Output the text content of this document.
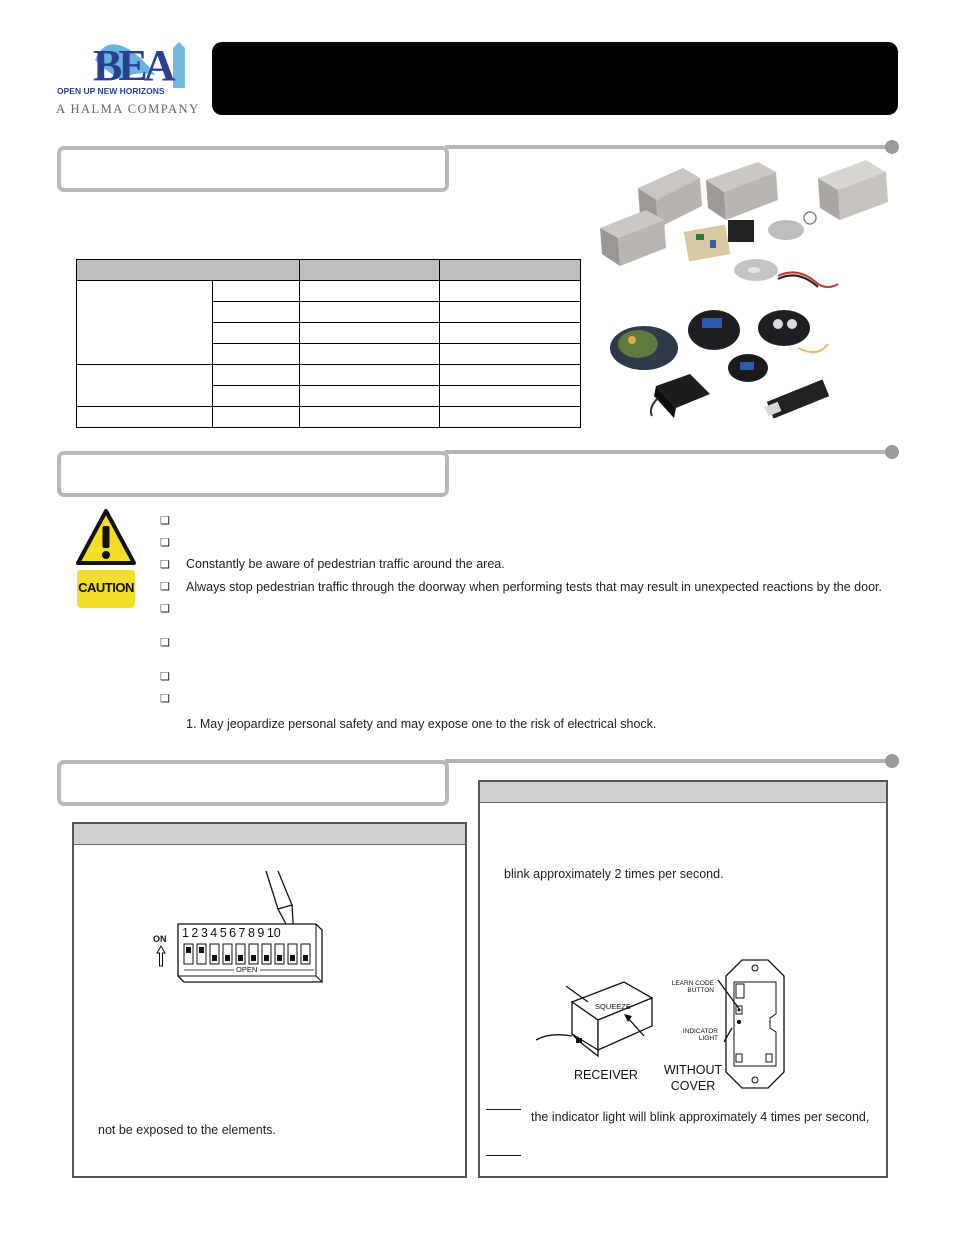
BEA
OPEN UP NEW HORIZONS
A HALMA COMPANY

CAUTION
❏
❏
❏
❏
❏
❏
❏
❏
Constantly be aware of pedestrian traffic around the area.
Always stop pedestrian traffic through the doorway when performing tests that may result in unexpected reactions by the door.
1. May jeopardize personal safety and may expose one to the risk of electrical shock.
1 2 3 4 5 6 7 8 9 10
OPEN
ON
not be exposed to the elements.
blink approximately 2 times per second.
SQUEEZE
RECEIVER
LEARN CODE
BUTTON
INDICATOR
LIGHT
WITHOUT
COVER
the indicator light will blink approximately 4 times per second,
